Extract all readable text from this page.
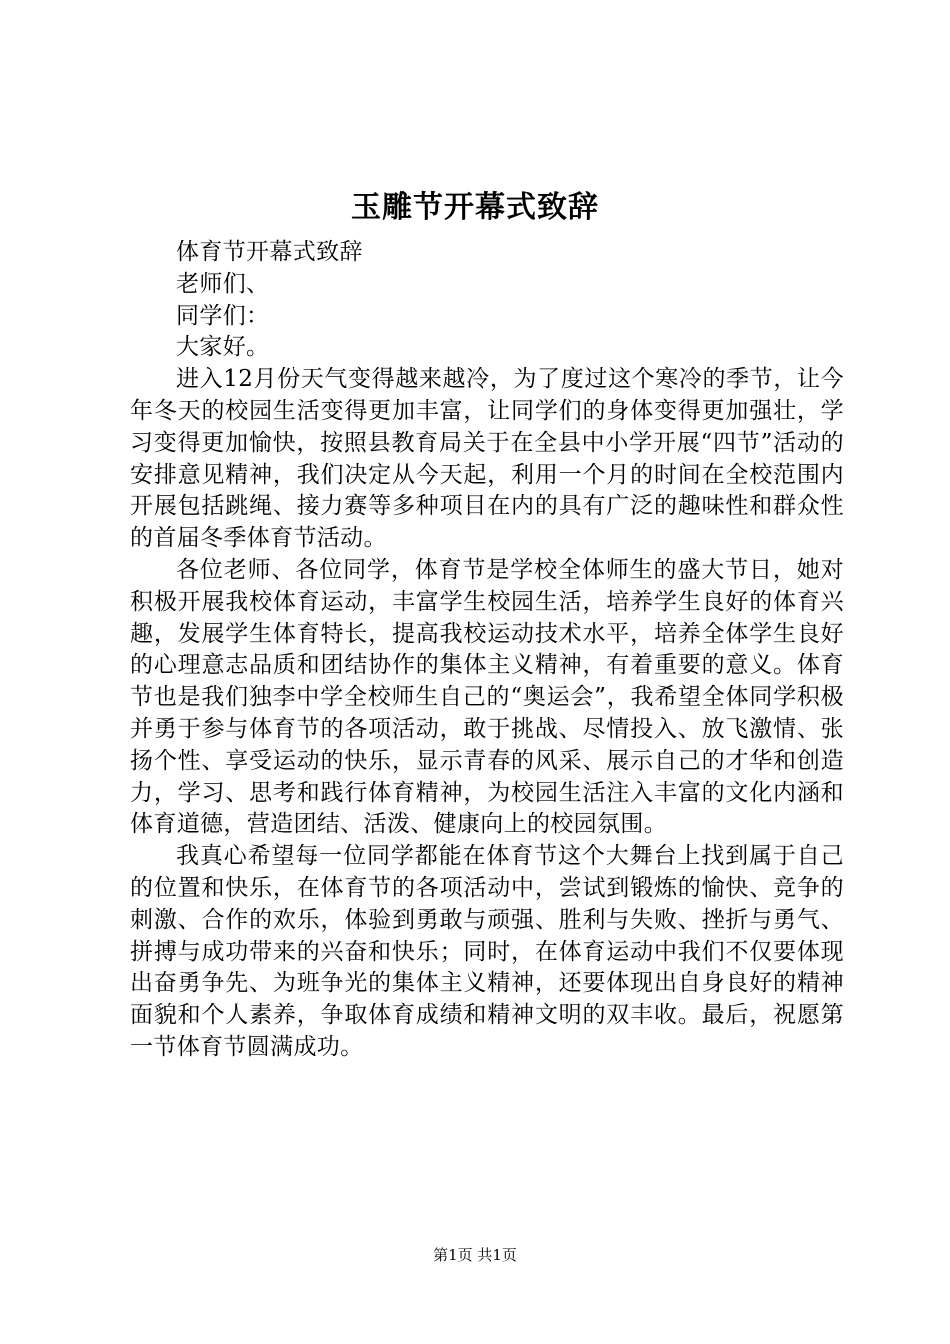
玉雕节开幕式致辞

体育节开幕式致辞

老师们、

同学们：

大家好。

进入12月份天气变得越来越冷，为了度过这个寒冷的季节，让今年冬天的校园生活变得更加丰富，让同学们的身体变得更加强壮，学习变得更加愉快，按照县教育局关于在全县中小学开展“四节”活动的安排意见精神，我们决定从今天起，利用一个月的时间在全校范围内开展包括跳绳、接力赛等多种项目在内的具有广泛的趣味性和群众性的首届冬季体育节活动。

各位老师、各位同学，体育节是学校全体师生的盛大节日，她对积极开展我校体育运动，丰富学生校园生活，培养学生良好的体育兴趣，发展学生体育特长，提高我校运动技术水平，培养全体学生良好的心理意志品质和团结协作的集体主义精神，有着重要的意义。体育节也是我们独李中学全校师生自己的“奥运会”，我希望全体同学积极并勇于参与体育节的各项活动，敢于挑战、尽情投入、放飞激情、张扬个性、享受运动的快乐，显示青春的风采、展示自己的才华和创造力，学习、思考和践行体育精神，为校园生活注入丰富的文化内涵和体育道德，营造团结、活泼、健康向上的校园氛围。

我真心希望每一位同学都能在体育节这个大舞台上找到属于自己的位置和快乐，在体育节的各项活动中，尝试到锻炼的愉快、竞争的刺激、合作的欢乐，体验到勇敢与顽强、胜利与失败、挫折与勇气、拼搏与成功带来的兴奋和快乐；同时，在体育运动中我们不仅要体现出奋勇争先、为班争光的集体主义精神，还要体现出自身良好的精神面貌和个人素养，争取体育成绩和精神文明的双丰收。最后，祝愿第一节体育节圆满成功。

第1页 共1页
